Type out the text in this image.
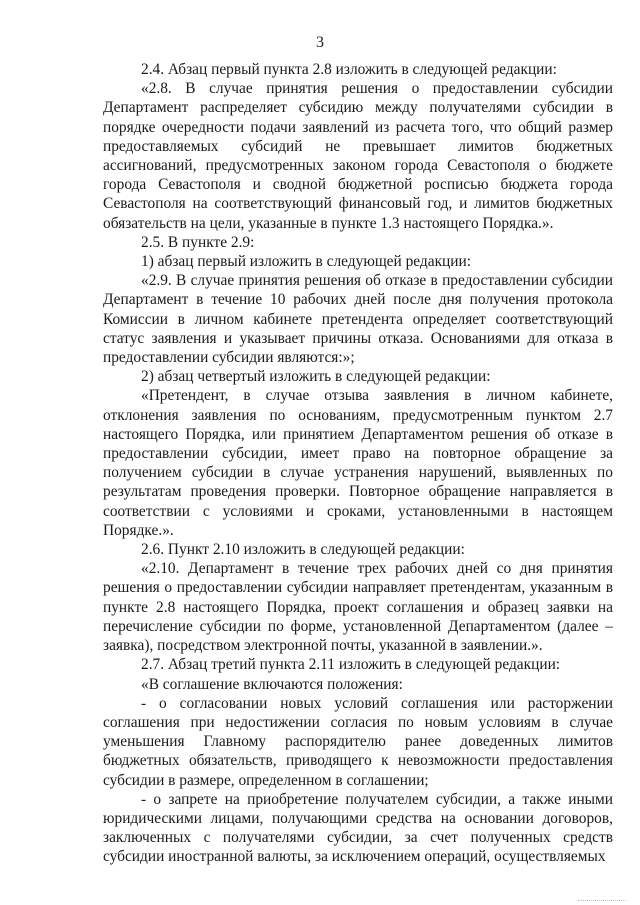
3

2.4. Абзац первый пункта 2.8 изложить в следующей редакции:

«2.8. В случае принятия решения о предоставлении субсидии Департамент распределяет субсидию между получателями субсидии в порядке очередности подачи заявлений из расчета того, что общий размер предоставляемых субсидий не превышает лимитов бюджетных ассигнований, предусмотренных законом города Севастополя о бюджете города Севастополя и сводной бюджетной росписью бюджета города Севастополя на соответствующий финансовый год, и лимитов бюджетных обязательств на цели, указанные в пункте 1.3 настоящего Порядка.».

2.5. В пункте 2.9:

1) абзац первый изложить в следующей редакции:

«2.9. В случае принятия решения об отказе в предоставлении субсидии Департамент в течение 10 рабочих дней после дня получения протокола Комиссии в личном кабинете претендента определяет соответствующий статус заявления и указывает причины отказа. Основаниями для отказа в предоставлении субсидии являются:»;

2) абзац четвертый изложить в следующей редакции:

«Претендент, в случае отзыва заявления в личном кабинете, отклонения заявления по основаниям, предусмотренным пунктом 2.7 настоящего Порядка, или принятием Департаментом решения об отказе в предоставлении субсидии, имеет право на повторное обращение за получением субсидии в случае устранения нарушений, выявленных по результатам проведения проверки. Повторное обращение направляется в соответствии с условиями и сроками, установленными в настоящем Порядке.».

2.6. Пункт 2.10 изложить в следующей редакции:

«2.10. Департамент в течение трех рабочих дней со дня принятия решения о предоставлении субсидии направляет претендентам, указанным в пункте 2.8 настоящего Порядка, проект соглашения и образец заявки на перечисление субсидии по форме, установленной Департаментом (далее – заявка), посредством электронной почты, указанной в заявлении.».

2.7. Абзац третий пункта 2.11 изложить в следующей редакции:

«В соглашение включаются положения:

- о согласовании новых условий соглашения или расторжении соглашения при недостижении согласия по новым условиям в случае уменьшения Главному распорядителю ранее доведенных лимитов бюджетных обязательств, приводящего к невозможности предоставления субсидии в размере, определенном в соглашении;

- о запрете на приобретение получателем субсидии, а также иными юридическими лицами, получающими средства на основании договоров, заключенных с получателями субсидии, за счет полученных средств субсидии иностранной валюты, за исключением операций, осуществляемых
